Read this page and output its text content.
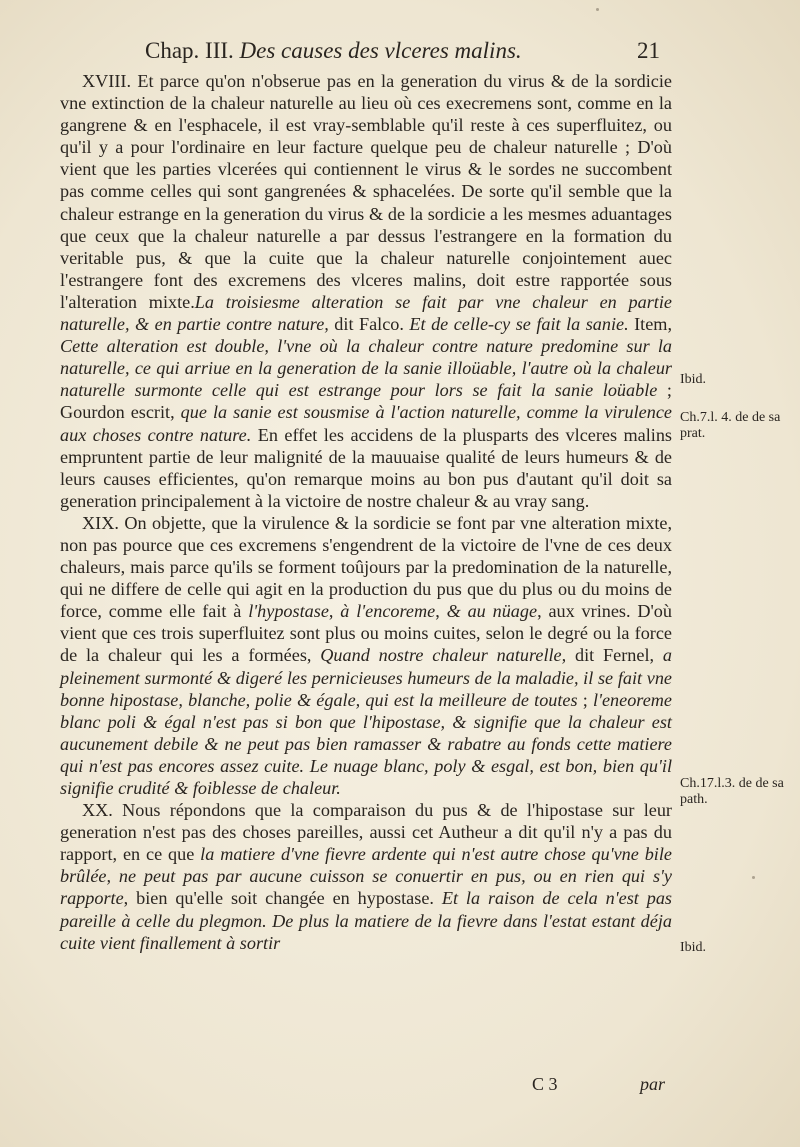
Chap. III. Des causes des vlceres malins.	21

XVIII. Et parce qu'on n'obserue pas en la generation du virus & de la sordicie vne extinction de la chaleur naturelle au lieu où ces execremens sont, comme en la gangrene & en l'esphacele, il est vray-semblable qu'il reste à ces superfluitez, ou qu'il y a pour l'ordinaire en leur facture quelque peu de chaleur naturelle ; D'où vient que les parties vlcerées qui contiennent le virus & le sordes ne succombent pas comme celles qui sont gangrenées & sphacelées. De sorte qu'il semble que la chaleur estrange en la generation du virus & de la sordicie a les mesmes aduantages que ceux que la chaleur naturelle a par dessus l'estrangere en la formation du veritable pus, & que la cuite que la chaleur naturelle conjointement auec l'estrangere font des excremens des vlceres malins, doit estre rapportée sous l'alteration mixte.La troisiesme alteration se fait par vne chaleur en partie naturelle, & en partie contre nature, dit Falco. Et de celle-cy se fait la sanie. Item, Cette alteration est double, l'vne où la chaleur contre nature predomine sur la naturelle, ce qui arriue en la generation de la sanie illoüable, l'autre où la chaleur naturelle surmonte celle qui est estrange pour lors se fait la sanie loüable ; Gourdon escrit, que la sanie est sousmise à l'action naturelle, comme la virulence aux choses contre nature. En effet les accidens de la plusparts des vlceres malins empruntent partie de leur malignité de la mauuaise qualité de leurs humeurs & de leurs causes efficientes, qu'on remarque moins au bon pus d'autant qu'il doit sa generation principalement à la victoire de nostre chaleur & au vray sang.

XIX. On objette, que la virulence & la sordicie se font par vne alteration mixte, non pas pource que ces excremens s'engendrent de la victoire de l'vne de ces deux chaleurs, mais parce qu'ils se forment toûjours par la predomination de la naturelle, qui ne differe de celle qui agit en la production du pus que du plus ou du moins de force, comme elle fait à l'hypostase, à l'encoreme, & au nüage, aux vrines. D'où vient que ces trois superfluitez sont plus ou moins cuites, selon le degré ou la force de la chaleur qui les a formées, Quand nostre chaleur naturelle, dit Fernel, a pleinement surmonté & digeré les pernicieuses humeurs de la maladie, il se fait vne bonne hipostase, blanche, polie & égale, qui est la meilleure de toutes ; l'eneoreme blanc poli & égal n'est pas si bon que l'hipostase, & signifie que la chaleur est aucunement debile & ne peut pas bien ramasser & rabatre au fonds cette matiere qui n'est pas encores assez cuite. Le nuage blanc, poly & esgal, est bon, bien qu'il signifie crudité & foiblesse de chaleur.

XX. Nous répondons que la comparaison du pus & de l'hipostase sur leur generation n'est pas des choses pareilles, aussi cet Autheur a dit qu'il n'y a pas du rapport, en ce que la matiere d'vne fievre ardente qui n'est autre chose qu'vne bile brûlée, ne peut pas par aucune cuisson se conuertir en pus, ou en rien qui s'y rapporte, bien qu'elle soit changée en hypostase. Et la raison de cela n'est pas pareille à celle du plegmon. De plus la matiere de la fievre dans l'estat estant déja cuite vient finallement à sortir

Ibid.
Ch.7.l. 4. de de sa prat.
Ch.17.l.3. de de sa path.
Ibid.
C 3	par
